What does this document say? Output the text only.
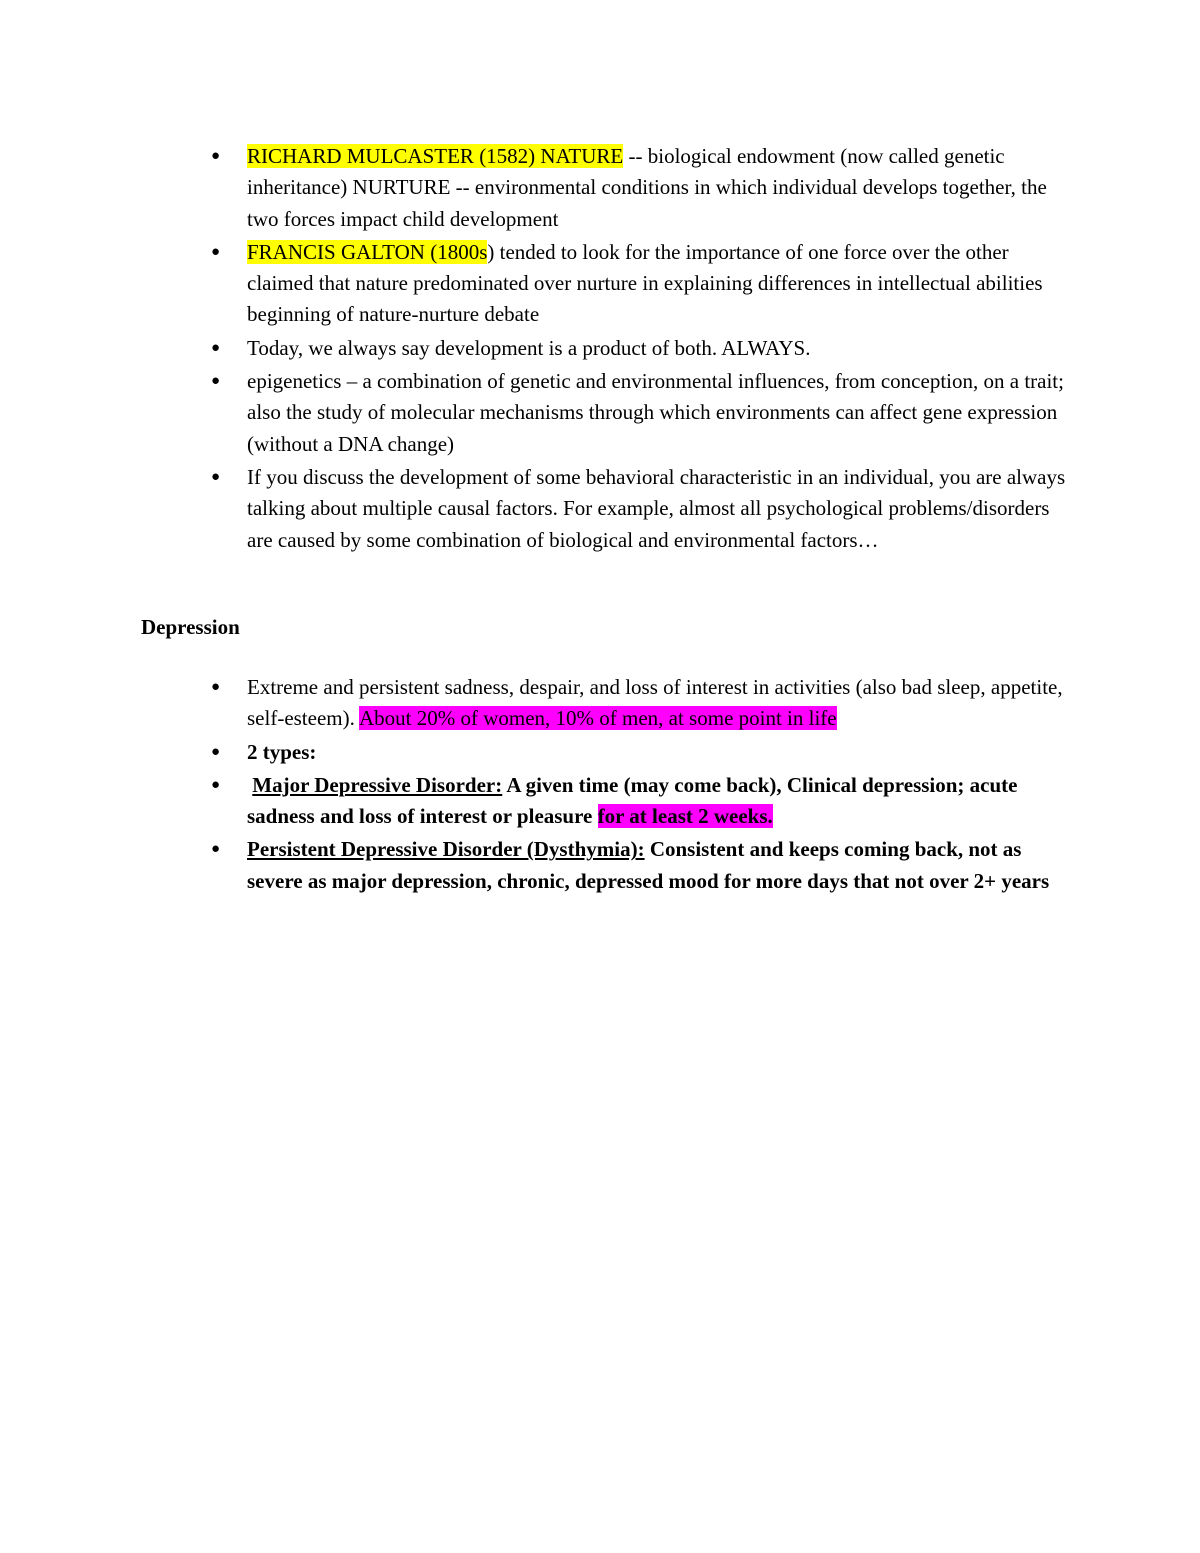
● RICHARD MULCASTER (1582) NATURE -- biological endowment (now called genetic inheritance) NURTURE -- environmental conditions in which individual develops together, the two forces impact child development
● FRANCIS GALTON (1800s) tended to look for the importance of one force over the other claimed that nature predominated over nurture in explaining differences in intellectual abilities beginning of nature-nurture debate
● Today, we always say development is a product of both. ALWAYS.
● epigenetics – a combination of genetic and environmental influences, from conception, on a trait; also the study of molecular mechanisms through which environments can affect gene expression (without a DNA change)
● If you discuss the development of some behavioral characteristic in an individual, you are always talking about multiple causal factors. For example, almost all psychological problems/disorders are caused by some combination of biological and environmental factors…
Depression
● Extreme and persistent sadness, despair, and loss of interest in activities (also bad sleep, appetite, self-esteem). About 20% of women, 10% of men, at some point in life
● 2 types:
● Major Depressive Disorder: A given time (may come back), Clinical depression; acute sadness and loss of interest or pleasure for at least 2 weeks.
● Persistent Depressive Disorder (Dysthymia): Consistent and keeps coming back, not as severe as major depression, chronic, depressed mood for more days that not over 2+ years
